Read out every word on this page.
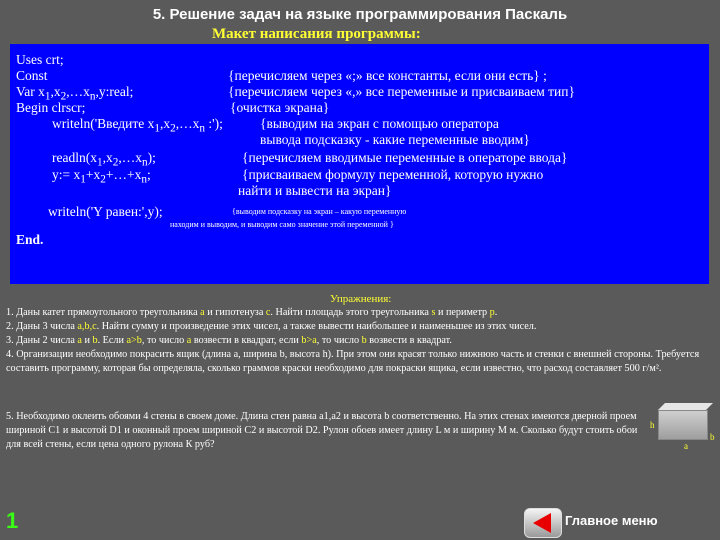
5. Решение задач на языке программирования Паскаль
Макет написания программы:
Uses crt;
Const
Var $x_1,x_2,\dots x_n,y:real$;
Begin clrscr;
writeln('Введите $x_1,x_2,\dots x_n$ :');
$readln(x_1,x_2,\dots x_n)$;
y:= $x_1+x_2+\dots+x_n$;
writeln('Y равен:',y);
End.
{перечисляем через «;» все константы, если они есть} ;
{перечисляем через «,» все переменные и присваиваем тип}
{очистка экрана}
{выводим на экран с помощью оператора
вывода подсказку - какие переменные вводим}
{перечисляем вводимые переменные в операторе ввода}
{присваиваем формулу переменной, которую нужно
найти и вывести на экран}
{выводим подсказку на экран – какую переменную
находим и выводим, и выводим само значение этой переменной }
Упражнения:
1. Даны катет прямоугольного треугольника a и гипотенуза c. Найти площадь этого треугольника s и периметр p.
2. Даны 3 числа a,b,c. Найти сумму и произведение этих чисел, а также вывести наибольшее и наименьшее из этих чисел.
3. Даны 2 числа a и b. Если a>b, то число a возвести в квадрат, если b>a, то число b возвести в квадрат.
4. Организации необходимо покрасить ящик (длина a, ширина b, высота h). При этом они красят только нижнюю часть и стенки с внешней стороны. Требуется составить программу, которая бы определяла, сколько граммов краски необходимо для покраски ящика, если известно, что расход составляет 500 г/м².
5. Необходимо оклеить обоями 4 стены в своем доме. Длина стен равна a1,a2 и высота b соответственно. На этих стенах имеются дверной проем шириной C1 и высотой D1 и оконный проем шириной C2 и высотой D2. Рулон обоев имеет длину L м и ширину M м. Сколько будут стоить обои для всей стены, если цена одного рулона К руб?
h
b
a
1	Главное меню
